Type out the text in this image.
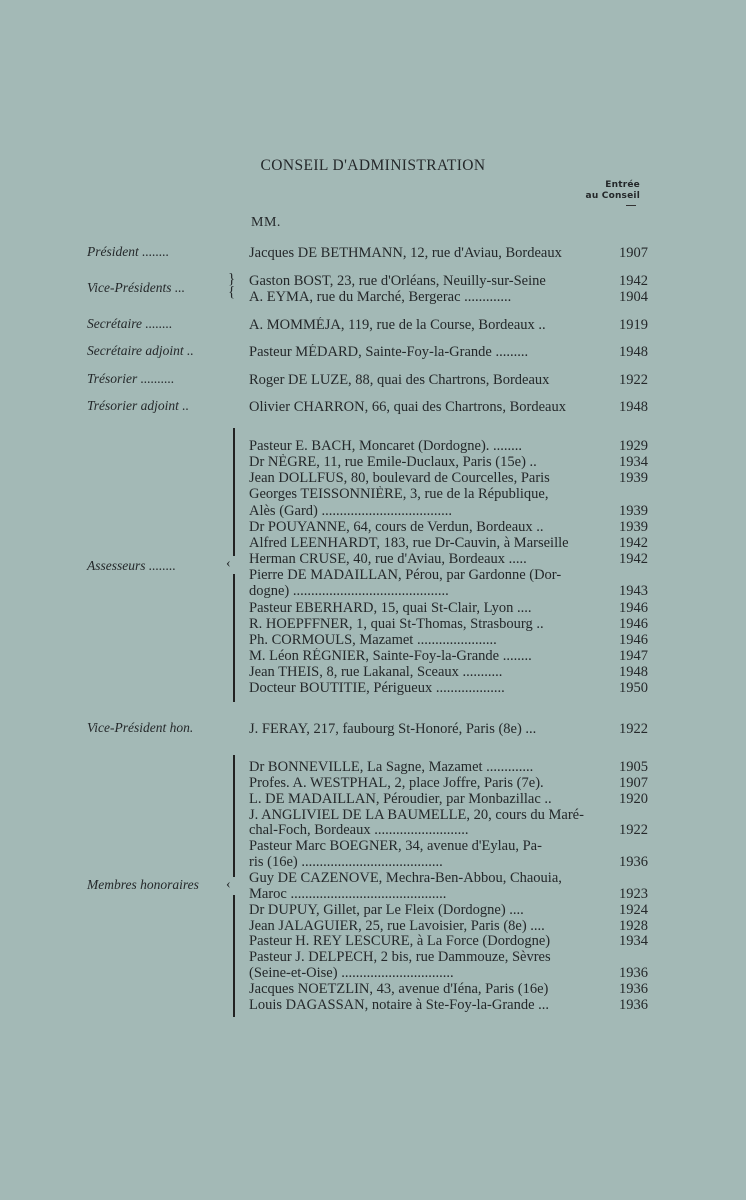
CONSEIL D'ADMINISTRATION
Entrée
au Conseil
MM.
Président ........	Jacques DE BETHMANN, 12, rue d'Aviau, Bordeaux	1907
Vice-Présidents ...
}
{
Gaston BOST, 23, rue d'Orléans, Neuilly-sur-Seine	1942
A. EYMA, rue du Marché, Bergerac .............	1904
Secrétaire ........	A. MOMMÉJA, 119, rue de la Course, Bordeaux ..	1919
Secrétaire adjoint ..	Pasteur MÉDARD, Sainte-Foy-la-Grande .........	1948
Trésorier ..........	Roger DE LUZE, 88, quai des Chartrons, Bordeaux	1922
Trésorier adjoint ..	Olivier CHARRON, 66, quai des Chartrons, Bordeaux	1948
‹
Assesseurs ........
Pasteur E. BACH, Moncaret (Dordogne). ........	1929
Dr NÈGRE, 11, rue Emile-Duclaux, Paris (15e) ..	1934
Jean DOLLFUS, 80, boulevard de Courcelles, Paris	1939
Georges TEISSONNIÈRE, 3, rue de la République,
Alès (Gard) ....................................	1939
Dr POUYANNE, 64, cours de Verdun, Bordeaux ..	1939
Alfred LEENHARDT, 183, rue Dr-Cauvin, à Marseille	1942
Herman CRUSE, 40, rue d'Aviau, Bordeaux .....	1942
Pierre DE MADAILLAN, Pérou, par Gardonne (Dor-
dogne) ...........................................	1943
Pasteur EBERHARD, 15, quai St-Clair, Lyon ....	1946
R. HOEPFFNER, 1, quai St-Thomas, Strasbourg ..	1946
Ph. CORMOULS, Mazamet ......................	1946
M. Léon RÉGNIER, Sainte-Foy-la-Grande ........	1947
Jean THEIS, 8, rue Lakanal, Sceaux ...........	1948
Docteur BOUTITIE, Périgueux ...................	1950
Vice-Président hon.	J. FERAY, 217, faubourg St-Honoré, Paris (8e) ...	1922
‹
Membres honoraires
Dr BONNEVILLE, La Sagne, Mazamet .............	1905
Profes. A. WESTPHAL, 2, place Joffre, Paris (7e).	1907
L. DE MADAILLAN, Péroudier, par Monbazillac ..	1920
J. ANGLIVIEL DE LA BAUMELLE, 20, cours du Maré-
chal-Foch, Bordeaux ..........................	1922
Pasteur Marc BOEGNER, 34, avenue d'Eylau, Pa-
ris (16e) .......................................	1936
Guy DE CAZENOVE, Mechra-Ben-Abbou, Chaouia,
Maroc ...........................................	1923
Dr DUPUY, Gillet, par Le Fleix (Dordogne) ....	1924
Jean JALAGUIER, 25, rue Lavoisier, Paris (8e) ....	1928
Pasteur H. REY LESCURE, à La Force (Dordogne)	1934
Pasteur J. DELPECH, 2 bis, rue Dammouze, Sèvres
(Seine-et-Oise) ...............................	1936
Jacques NOETZLIN, 43, avenue d'Iéna, Paris (16e)	1936
Louis DAGASSAN, notaire à Ste-Foy-la-Grande ...	1936
